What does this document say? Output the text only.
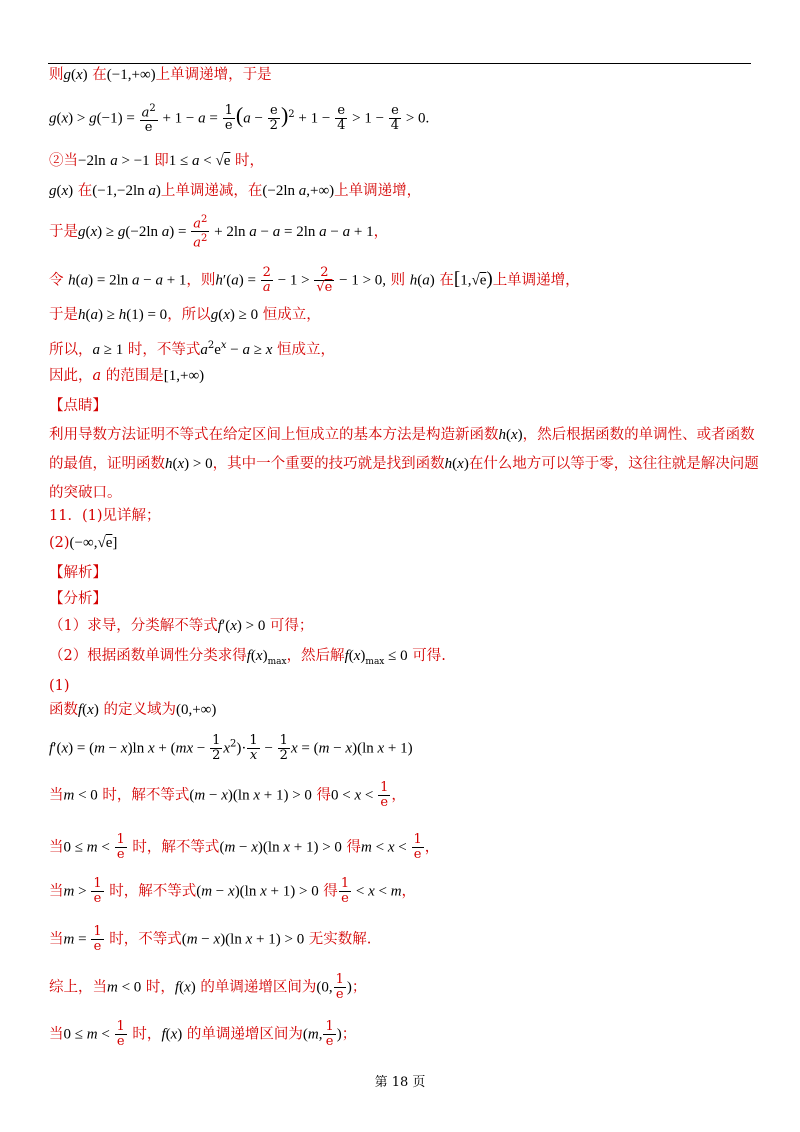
则g(x) 在(−1,+∞)上单调递增，于是
$g(x) > g(-1) = \frac{a^2}{e} + 1 - a = \frac{1}{e} (a - \frac{e}{2} )^2 + 1 - \frac{e}{4} > 1 - \frac{e}{4} > 0$.
②当−2ln a > −1 即1 ≤ a < √e 时，
g(x) 在(−1,−2ln a)上单调递减，在(−2ln a,+∞)上单调递增，
于是g(x) ≥ g(−2ln $a) = \frac{a^2}{a^2} + 2\ln$ a − a = 2ln a − a + 1，
令 h(a) = 2ln a − a + 1，则$h'(a) = \frac{2}{a} - 1 > \frac{2}{√e} - 1 > 0$, 则 h(a) 在[1,√e)上单调递增，
于是h(a) ≥ h(1) = 0，所以g(x) ≥ 0 恒成立，
所以，a ≥ 1 时，不等式$a^2e^x - a \ge x$ 恒成立，
因此，a 的范围是[1,+∞)
【点睛】
利用导数方法证明不等式在给定区间上恒成立的基本方法是构造新函数h(x)，然后根据函数的单调性、或者函数
的最值，证明函数h(x) > 0，其中一个重要的技巧就是找到函数h(x)在什么地方可以等于零，这往往就是解决问题
的突破口。
11．(1)见详解；
(2)(−∞,√e]
【解析】
【分析】
（1）求导，分类解不等式f′(x) > 0 可得；
（2）根据函数单调性分类求得$f(x)_{max}$，然后解$f(x)_{max} \le 0$ 可得.
(1)
函数f(x) 的定义域为(0,+∞)
f′(x) = (m − x)ln $x + (mx - \frac{1}{2} x^2)\cdot \frac{1}{x} - \frac{1}{2}$ x = (m − x)(ln x + 1)
当m < 0 时，解不等式(m − x)(ln x + 1) > 0 得$0 < x < \frac{1}{e}$ ，
当$0 \le m < \frac{1}{e}$ 时，解不等式(m − x)(ln x + 1) > 0 得$m < x < \frac{1}{e}$ ，
当$m > \frac{1}{e}$ 时，解不等式(m − x)(ln x + 1) > 0 得 $\frac{1}{e} < x < m$，
当$m = \frac{1}{e}$ 时，不等式(m − x)(ln x + 1) > 0 无实数解.
综上，当m < 0 时，f(x) 的单调递增区间为(0, $\frac{1}{e}$ )；
当$0 \le m < \frac{1}{e}$ 时，f(x) 的单调递增区间为(m, $\frac{1}{e}$ )；
第 18 页
